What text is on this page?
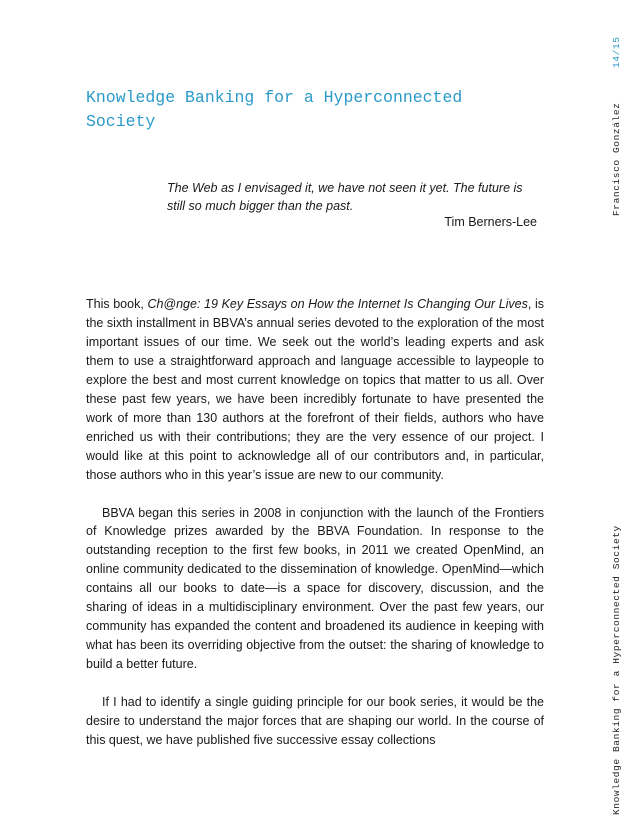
Knowledge Banking for a Hyperconnected Society

The Web as I envisaged it, we have not seen it yet. The future is still so much bigger than the past.

Tim Berners-Lee

This book, Ch@nge: 19 Key Essays on How the Internet Is Changing Our Lives, is the sixth installment in BBVA’s annual series devoted to the exploration of the most important issues of our time. We seek out the world’s leading experts and ask them to use a straightforward approach and language accessible to laypeople to explore the best and most current knowledge on topics that matter to us all. Over these past few years, we have been incredibly fortunate to have presented the work of more than 130 authors at the forefront of their fields, authors who have enriched us with their contributions; they are the very essence of our project. I would like at this point to acknowledge all of our contributors and, in particular, those authors who in this year’s issue are new to our community.

BBVA began this series in 2008 in conjunction with the launch of the Frontiers of Knowledge prizes awarded by the BBVA Foundation. In response to the outstanding reception to the first few books, in 2011 we created OpenMind, an online community dedicated to the dissemination of knowledge. OpenMind—which contains all our books to date—is a space for discovery, discussion, and the sharing of ideas in a multidisciplinary environment. Over the past few years, our community has expanded the content and broadened its audience in keeping with what has been its overriding objective from the outset: the sharing of knowledge to build a better future.

If I had to identify a single guiding principle for our book series, it would be the desire to understand the major forces that are shaping our world. In the course of this quest, we have published five successive essay collections

14/15
Francisco González
Knowledge Banking for a Hyperconnected Society
